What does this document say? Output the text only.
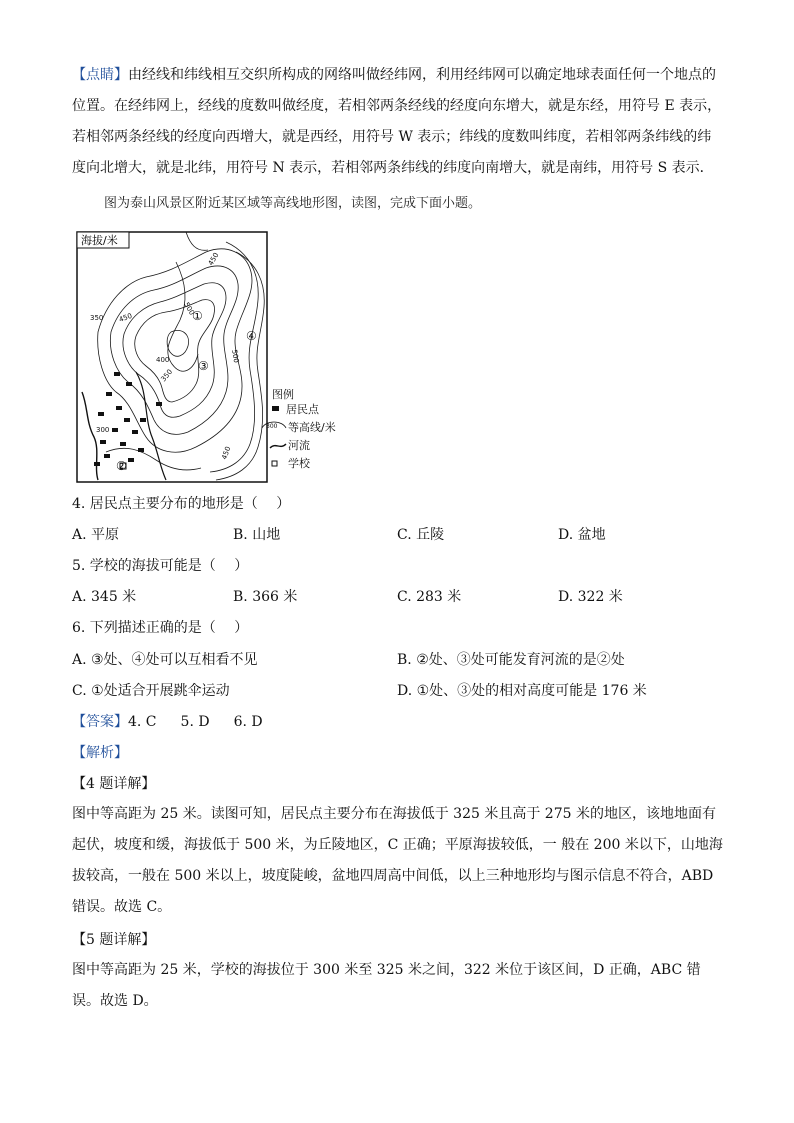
【点睛】由经线和纬线相互交织所构成的网络叫做经纬网，利用经纬网可以确定地球表面任何一个地点的位置。在经纬网上，经线的度数叫做经度，若相邻两条经线的经度向东增大，就是东经，用符号 E 表示，若相邻两条经线的经度向西增大，就是西经，用符号 W 表示；纬线的度数叫纬度，若相邻两条纬线的纬度向北增大，就是北纬，用符号 N 表示，若相邻两条纬线的纬度向南增大，就是南纬，用符号 S 表示．

图为泰山风景区附近某区域等高线地形图，读图，完成下面小题。
海拔/米
450
350
500
400
350
300
450
500
450	①
②
③
④
图例
居民点
300 等高线/米
河流
学校
4. 居民点主要分布的地形是（　 ）
A. 平原	B. 山地	C. 丘陵	D. 盆地
5. 学校的海拔可能是（　 ）
A. 345 米	B. 366 米	C. 283 米	D. 322 米
6. 下列描述正确的是（　 ）
A. ③处、④处可以互相看不见	B. ②处、③处可能发育河流的是②处
C. ①处适合开展跳伞运动	D. ①处、③处的相对高度可能是 176 米
【答案】4. C 5. D 6. D
【解析】
【4 题详解】

图中等高距为 25 米。读图可知，居民点主要分布在海拔低于 325 米且高于 275 米的地区，该地地面有起伏，坡度和缓，海拔低于 500 米，为丘陵地区，C 正确；平原海拔较低，一 般在 200 米以下，山地海拔较高，一般在 500 米以上，坡度陡峻，盆地四周高中间低，以上三种地形均与图示信息不符合，ABD 错误。故选 C。

【5 题详解】

图中等高距为 25 米，学校的海拔位于 300 米至 325 米之间，322 米位于该区间，D 正确，ABC 错误。故选 D。
